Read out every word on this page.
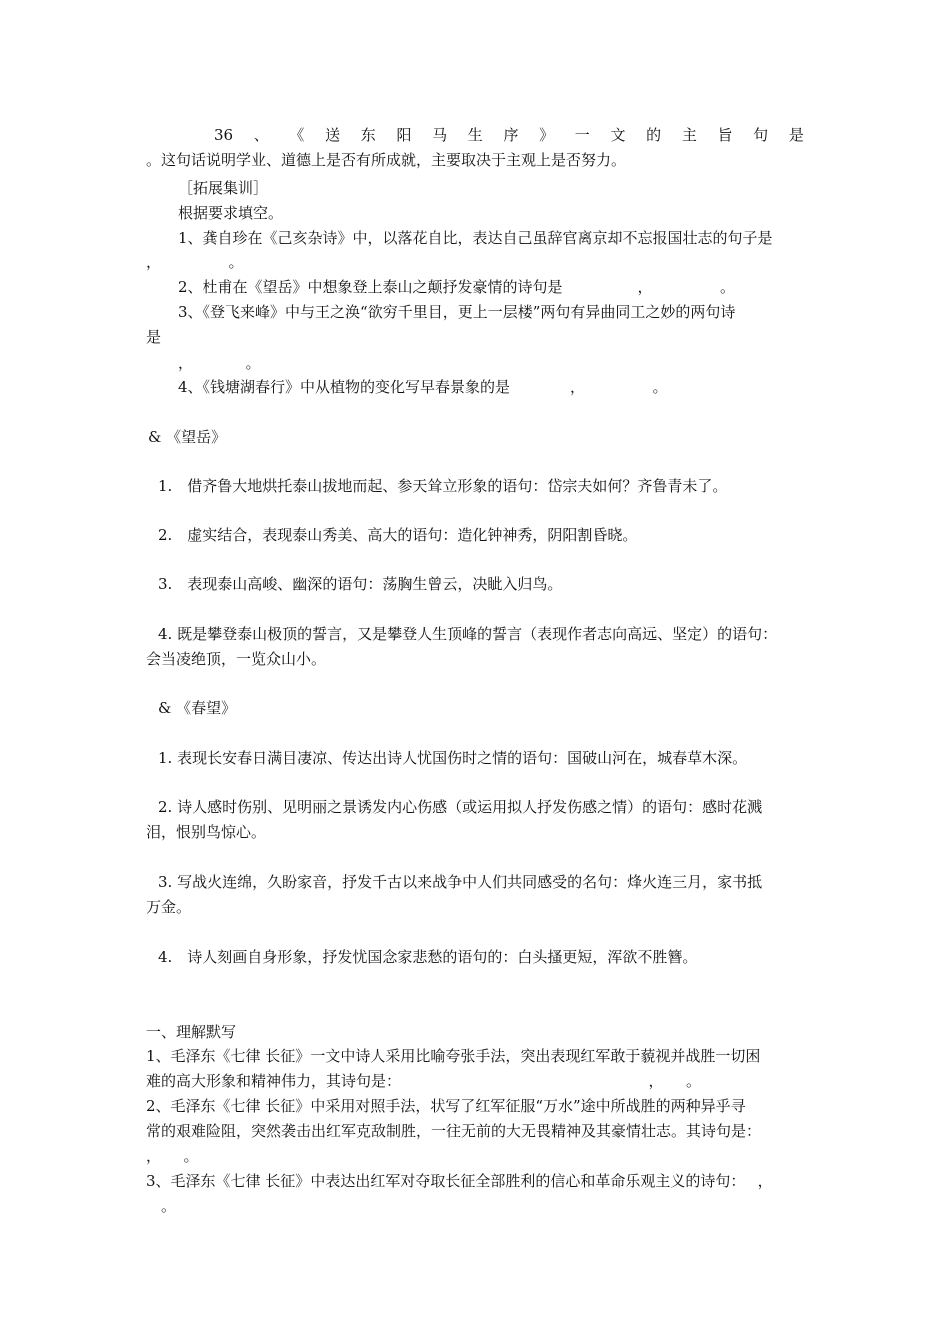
36 、 《 送 东 阳 马 生 序 》 一 文 的 主 旨 句 是
。这句话说明学业、道德上是否有所成就，主要取决于主观上是否努力。
［拓展集训］
根据要求填空。
1、龚自珍在《己亥杂诗》中，以落花自比，表达自己虽辞官离京却不忘报国壮志的句子是
，　　　　　。
2、杜甫在《望岳》中想象登上泰山之颠抒发豪情的诗句是　　　　　，　　　　　。
3、《登飞来峰》中与王之涣“欲穷千里目，更上一层楼”两句有异曲同工之妙的两句诗
是
，　　　　。
4、《钱塘湖春行》中从植物的变化写早春景象的是　　　　，　　　　　。
& 《望岳》
1.　借齐鲁大地烘托泰山拔地而起、参天耸立形象的语句：岱宗夫如何？齐鲁青未了。
2.　虚实结合，表现泰山秀美、高大的语句：造化钟神秀，阴阳割昏晓。
3.　表现泰山高峻、幽深的语句：荡胸生曾云，决眦入归鸟。
4. 既是攀登泰山极顶的誓言，又是攀登人生顶峰的誓言（表现作者志向高远、坚定）的语句：
会当凌绝顶，一览众山小。
& 《春望》
1. 表现长安春日满目凄凉、传达出诗人忧国伤时之情的语句：国破山河在，城春草木深。
2. 诗人感时伤别、见明丽之景诱发内心伤感（或运用拟人抒发伤感之情）的语句：感时花溅
泪，恨别鸟惊心。
3. 写战火连绵，久盼家音，抒发千古以来战争中人们共同感受的名句：烽火连三月，家书抵
万金。
4.　诗人刻画自身形象，抒发忧国念家悲愁的语句的：白头搔更短，浑欲不胜簪。
一、理解默写
1、毛泽东《七律 长征》一文中诗人采用比喻夸张手法，突出表现红军敢于藐视并战胜一切困
难的高大形象和精神伟力，其诗句是：　　　　　　　　　　　　　　　　　，　　。
2、毛泽东《七律 长征》中采用对照手法，状写了红军征服“万水”途中所战胜的两种异乎寻
常的艰难险阻，突然袭击出红军克敌制胜，一往无前的大无畏精神及其豪情壮志。其诗句是：
，　　。
3、毛泽东《七律 长征》中表达出红军对夺取长征全部胜利的信心和革命乐观主义的诗句：　 ，
　。
